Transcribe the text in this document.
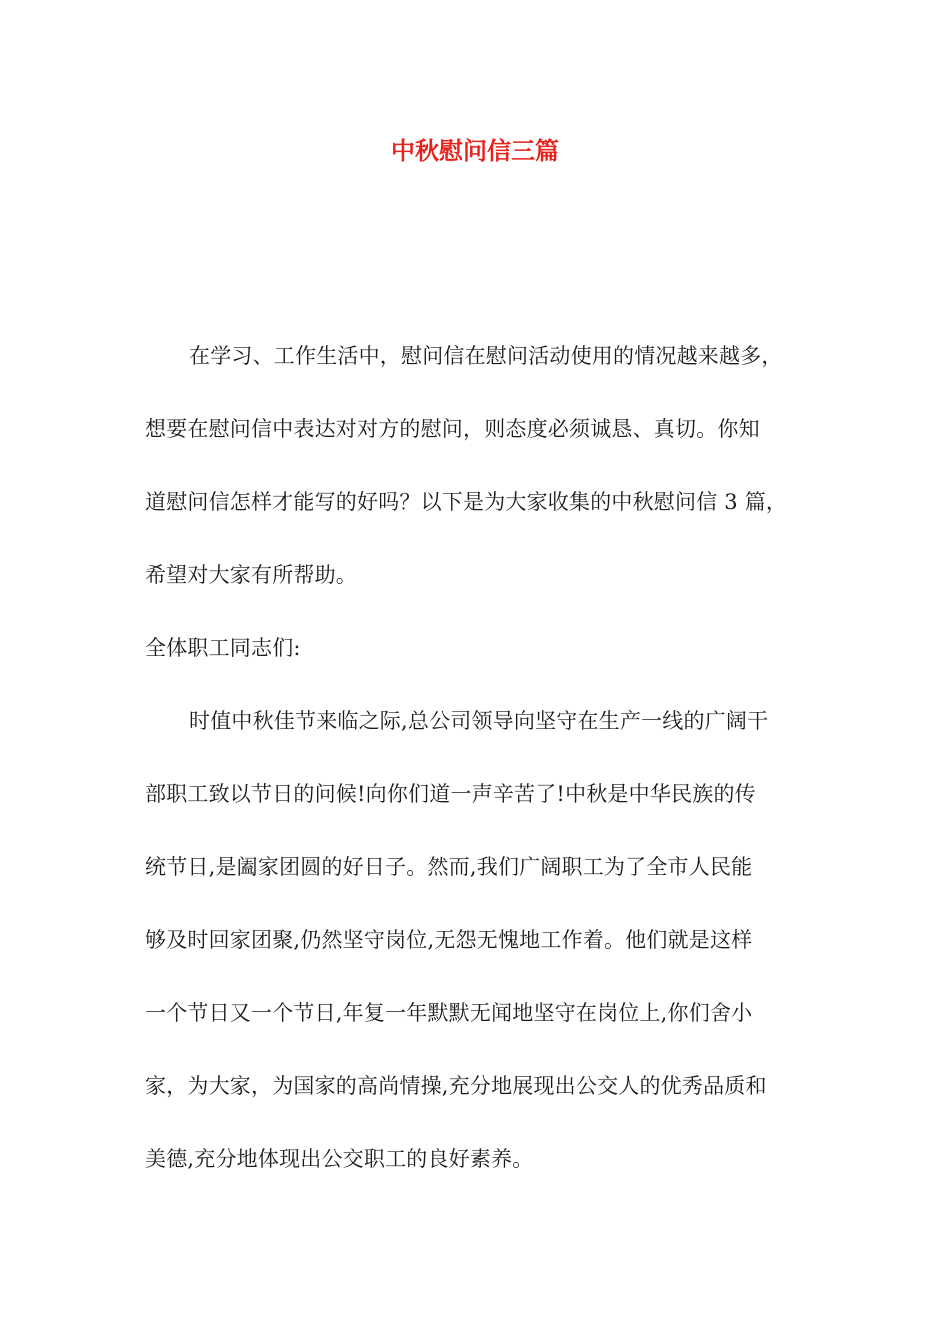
中秋慰问信三篇
在学习、工作生活中，慰问信在慰问活动使用的情况越来越多，
想要在慰问信中表达对对方的慰问，则态度必须诚恳、真切。你知
道慰问信怎样才能写的好吗？以下是为大家收集的中秋慰问信 3 篇，
希望对大家有所帮助。
全体职工同志们:
时值中秋佳节来临之际,总公司领导向坚守在生产一线的广阔干
部职工致以节日的问候!向你们道一声辛苦了!中秋是中华民族的传
统节日,是阖家团圆的好日子。然而,我们广阔职工为了全市人民能
够及时回家团聚,仍然坚守岗位,无怨无愧地工作着。他们就是这样
一个节日又一个节日,年复一年默默无闻地坚守在岗位上,你们舍小
家，为大家，为国家的高尚情操,充分地展现出公交人的优秀品质和
美德,充分地体现出公交职工的良好素养。
